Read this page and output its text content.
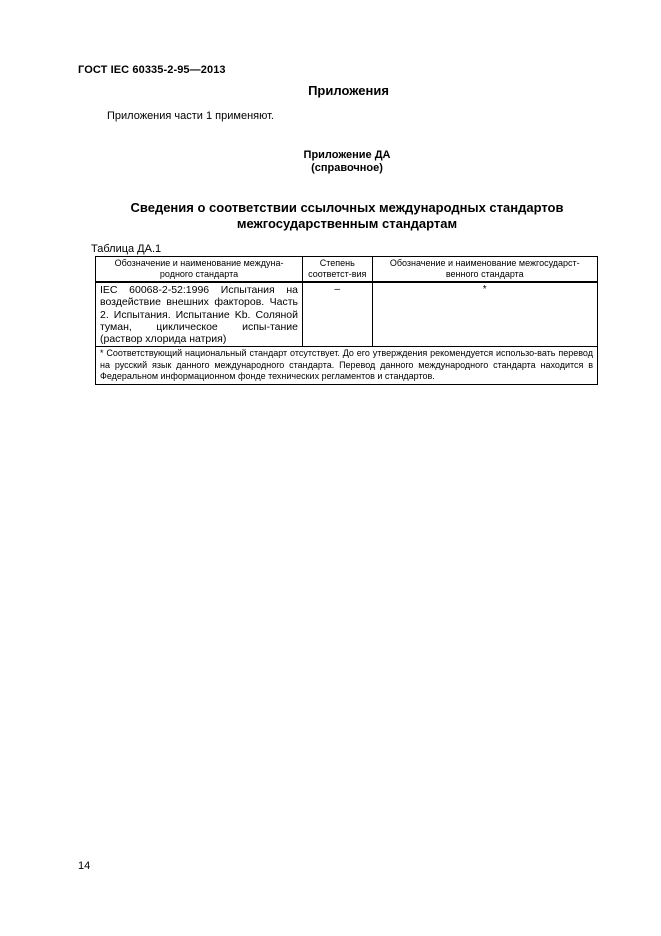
ГОСТ IEC 60335-2-95—2013
Приложения
Приложения части 1 применяют.
Приложение ДА
(справочное)
Сведения о соответствии ссылочных международных стандартов
межгосударственным стандартам
Таблица ДА.1
Обозначение и наименование междуна-родного стандарта	Степень соответст-вия	Обозначение и наименование межгосударст-венного стандарта
IEC 60068-2-52:1996 Испытания на воздействие внешних факторов. Часть 2. Испытания. Испытание Kb. Соляной туман, циклическое испы-тание (раствор хлорида натрия)	–	*
* Соответствующий национальный стандарт отсутствует. До его утверждения рекомендуется использо-вать перевод на русский язык данного международного стандарта. Перевод данного международного стандарта находится в Федеральном информационном фонде технических регламентов и стандартов.		
14
